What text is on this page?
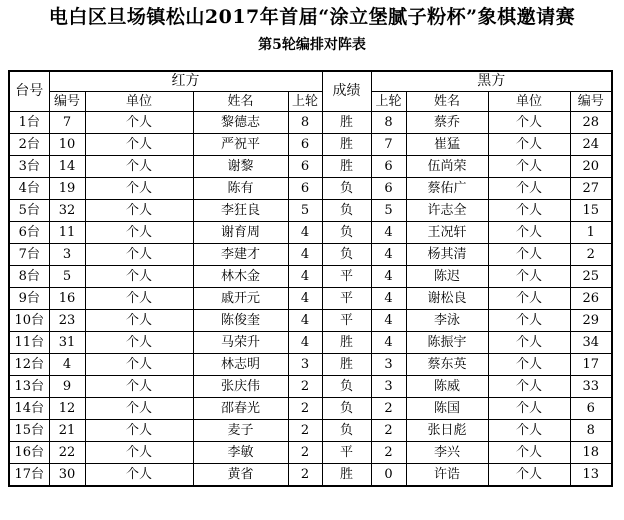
电白区旦场镇松山2017年首届“涂立堡腻子粉杯”象棋邀请赛
第5轮编排对阵表
台号	红方				成绩	黑方			
	编号	单位	姓名	上轮		上轮	姓名	单位	编号
1台	7	个人	黎德志	8	胜	8	蔡乔	个人	28
2台	10	个人	严祝平	6	胜	7	崔猛	个人	24
3台	14	个人	谢黎	6	胜	6	伍尚荣	个人	20
4台	19	个人	陈有	6	负	6	蔡佑广	个人	27
5台	32	个人	李狂良	5	负	5	许志全	个人	15
6台	11	个人	谢育周	4	负	4	王况轩	个人	1
7台	3	个人	李建才	4	负	4	杨其清	个人	2
8台	5	个人	林木金	4	平	4	陈迟	个人	25
9台	16	个人	戚开元	4	平	4	谢松良	个人	26
10台	23	个人	陈俊奎	4	平	4	李泳	个人	29
11台	31	个人	马荣升	4	胜	4	陈振宇	个人	34
12台	4	个人	林志明	3	胜	3	蔡东英	个人	17
13台	9	个人	张庆伟	2	负	3	陈威	个人	33
14台	12	个人	邵春光	2	负	2	陈国	个人	6
15台	21	个人	麦子	2	负	2	张日彪	个人	8
16台	22	个人	李敏	2	平	2	李兴	个人	18
17台	30	个人	黄省	2	胜	0	许诰	个人	13
